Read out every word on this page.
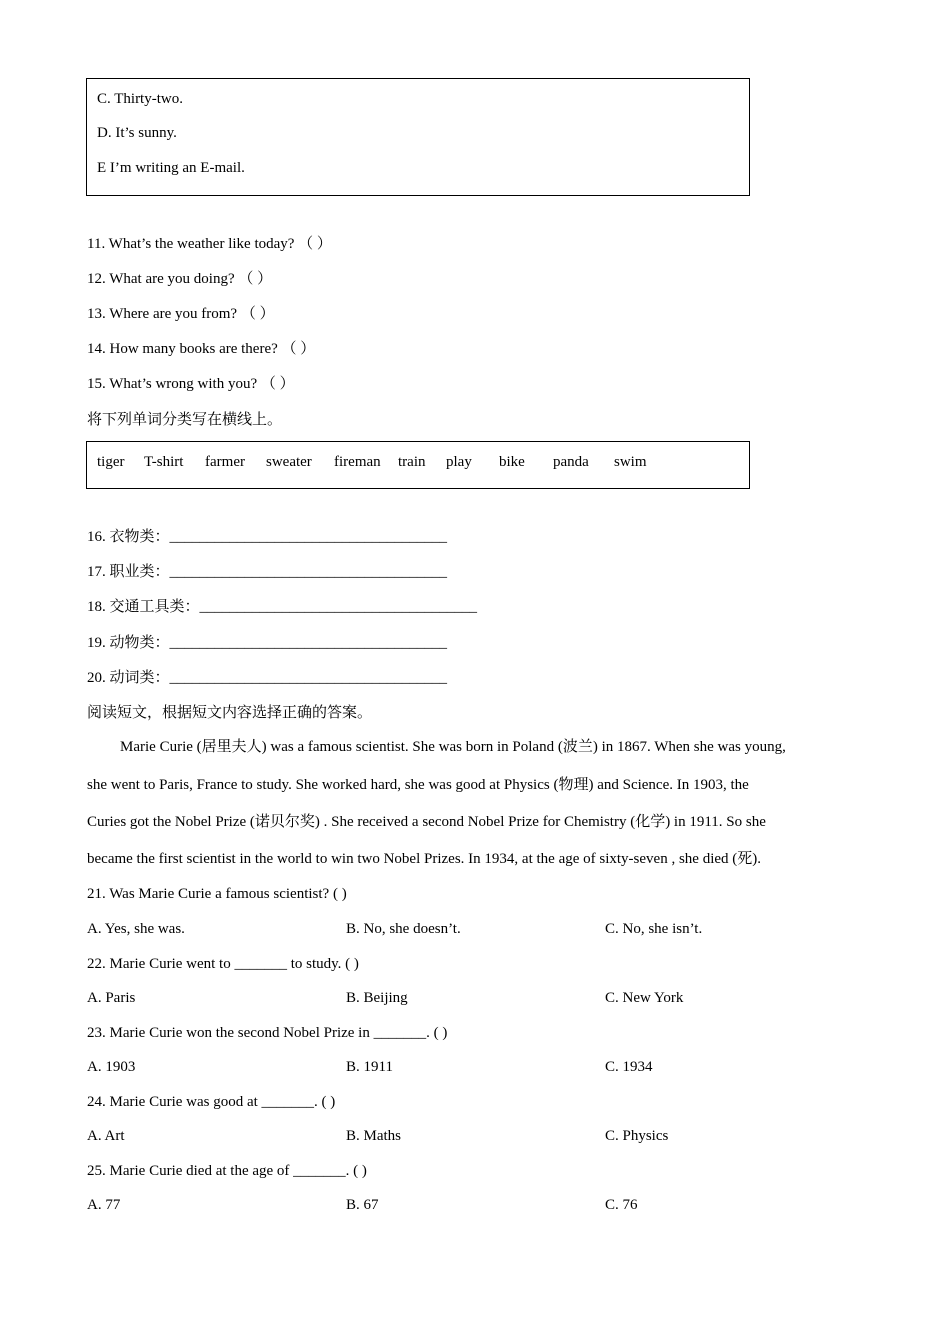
C. Thirty-two.
D. It’s sunny.
E I’m writing an E-mail.
11. What’s the weather like today? （ ）
12. What are you doing? （ ）
13. Where are you from? （ ）
14. How many books are there? （ ）
15. What’s wrong with you? （ ）
将下列单词分类写在横线上。
tiger T-shirt farmer sweater fireman train play bike panda swim
16. 衣物类：_____________________________________
17. 职业类：_____________________________________
18. 交通工具类：_____________________________________
19. 动物类：_____________________________________
20. 动词类：_____________________________________
阅读短文，根据短文内容选择正确的答案。
Marie Curie (居里夫人) was a famous scientist. She was born in Poland (波兰) in 1867. When she was young,
she went to Paris, France to study. She worked hard, she was good at Physics (物理) and Science. In 1903, the
Curies got the Nobel Prize (诺贝尔奖) . She received a second Nobel Prize for Chemistry (化学) in 1911. So she
became the first scientist in the world to win two Nobel Prizes. In 1934, at the age of sixty-seven , she died (死).
21. Was Marie Curie a famous scientist? ( )
A. Yes, she was.	B. No, she doesn’t.	C. No, she isn’t.
22. Marie Curie went to _______ to study. ( )
A. Paris	B. Beijing	C. New York
23. Marie Curie won the second Nobel Prize in _______. ( )
A. 1903	B. 1911	C. 1934
24. Marie Curie was good at _______. ( )
A. Art	B. Maths	C. Physics
25. Marie Curie died at the age of _______. ( )
A. 77	B. 67	C. 76
